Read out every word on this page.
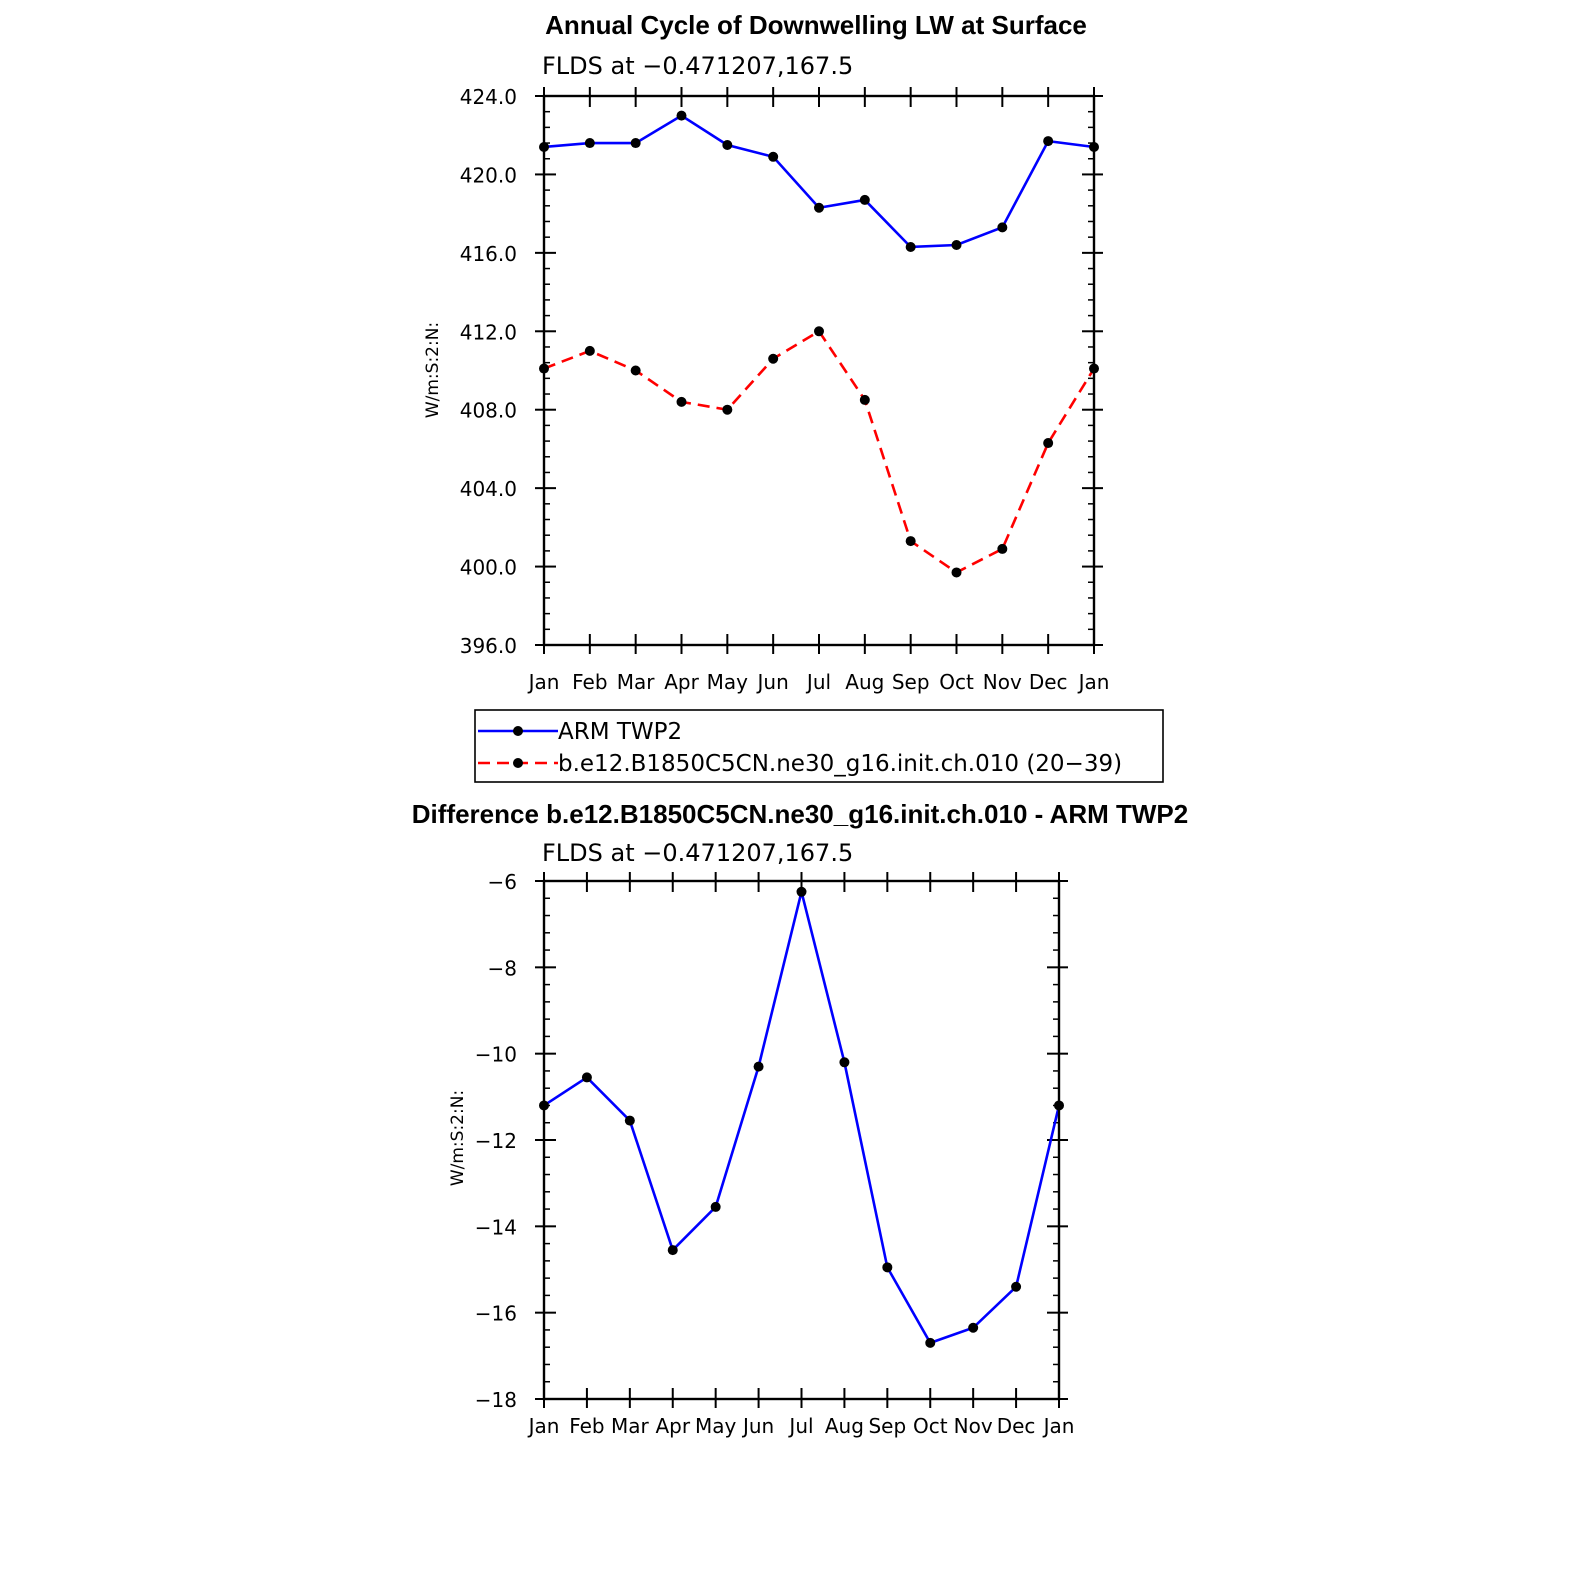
Annual Cycle of Downwelling LW at Surface
FLDS at −0.471207,167.5
W/m:S:2:N:
Jan Feb Mar Apr May Jun Jul Aug Sep Oct Nov Dec Jan
396.0
400.0
404.0
408.0
412.0
416.0
420.0
424.0
ARM TWP2
b.e12.B1850C5CN.ne30_g16.init.ch.010 (20−39)
Difference b.e12.B1850C5CN.ne30_g16.init.ch.010 - ARM TWP2
FLDS at −0.471207,167.5
W/m:S:2:N:
Jan Feb Mar Apr May Jun Jul Aug Sep Oct Nov Dec Jan
−18
−16
−14
−12
−10
−8
−6
